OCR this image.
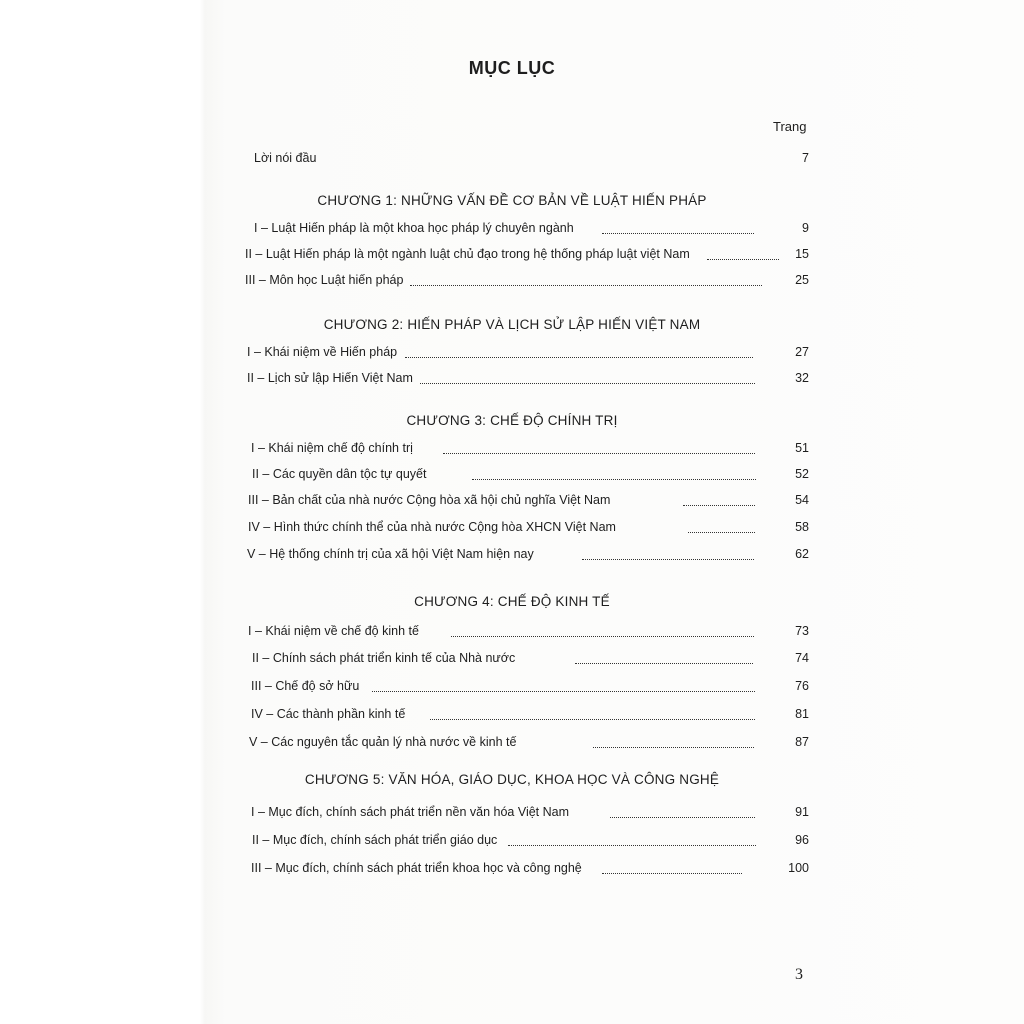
MỤC LỤC
Trang
Lời nói đầu	7
CHƯƠNG 1: NHỮNG VẤN ĐỀ CƠ BẢN VỀ LUẬT HIẾN PHÁP
I – Luật Hiến pháp là một khoa học pháp lý chuyên ngành	9
II – Luật Hiến pháp là một ngành luật chủ đạo trong hệ thống pháp luật việt Nam	15
III – Môn học Luật hiến pháp	25
CHƯƠNG 2: HIẾN PHÁP VÀ LỊCH SỬ LẬP HIẾN VIỆT NAM
I – Khái niệm về Hiến pháp	27
II – Lịch sử lập Hiến Việt Nam	32
CHƯƠNG 3: CHẾ ĐỘ CHÍNH TRỊ
I – Khái niệm chế độ chính trị	51
II – Các quyền dân tộc tự quyết	52
III – Bản chất của nhà nước Cộng hòa xã hội chủ nghĩa Việt Nam	54
IV – Hình thức chính thể của nhà nước Cộng hòa XHCN Việt Nam	58
V – Hệ thống chính trị của xã hội Việt Nam hiện nay	62
CHƯƠNG 4: CHẾ ĐỘ KINH TẾ
I – Khái niệm về chế độ kinh tế	73
II – Chính sách phát triển kinh tế của Nhà nước	74
III – Chế độ sở hữu	76
IV – Các thành phần kinh tế	81
V – Các nguyên tắc quản lý nhà nước về kinh tế	87
CHƯƠNG 5: VĂN HÓA, GIÁO DỤC, KHOA HỌC VÀ CÔNG NGHỆ
I – Mục đích, chính sách phát triển nền văn hóa Việt Nam	91
II – Mục đích, chính sách phát triển giáo dục	96
III – Mục đích, chính sách phát triển khoa học và công nghệ	100
3
